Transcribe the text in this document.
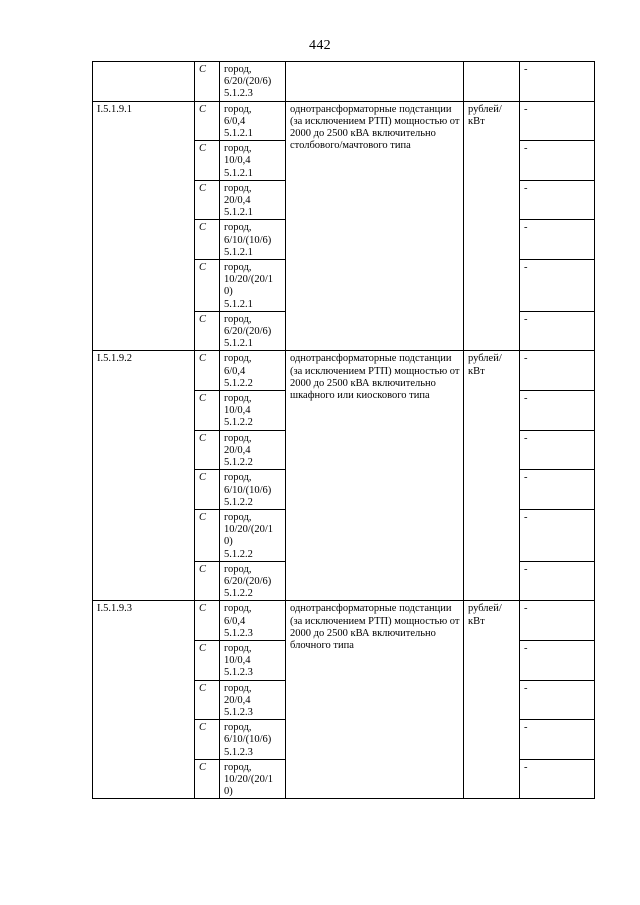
442
	С	город,
6/20/(20/6)
5.1.2.3			-
I.5.1.9.1	С	город,
6/0,4
5.1.2.1	однотрансформаторные подстанции (за исключением РТП) мощностью от 2000 до 2500 кВА включительно столбового/мачтового типа	рублей/ кВт	-
	С	город,
10/0,4
5.1.2.1			-
	С	город,
20/0,4
5.1.2.1			-
	С	город,
6/10/(10/6)
5.1.2.1			-
	С	город,
10/20/(20/1
0)
5.1.2.1			-
	С	город,
6/20/(20/6)
5.1.2.1			-
I.5.1.9.2	С	город,
6/0,4
5.1.2.2	однотрансформаторные подстанции (за исключением РТП) мощностью от 2000 до 2500 кВА включительно шкафного или киоскового типа	рублей/ кВт	-
	С	город,
10/0,4
5.1.2.2			-
	С	город,
20/0,4
5.1.2.2			-
	С	город,
6/10/(10/6)
5.1.2.2			-
	С	город,
10/20/(20/1
0)
5.1.2.2			-
	С	город,
6/20/(20/6)
5.1.2.2			-
I.5.1.9.3	С	город,
6/0,4
5.1.2.3	однотрансформаторные подстанции (за исключением РТП) мощностью от 2000 до 2500 кВА включительно блочного типа	рублей/ кВт	-
	С	город,
10/0,4
5.1.2.3			-
	С	город,
20/0,4
5.1.2.3			-
	С	город,
6/10/(10/6)
5.1.2.3			-
	С	город,
10/20/(20/1
0)			-
